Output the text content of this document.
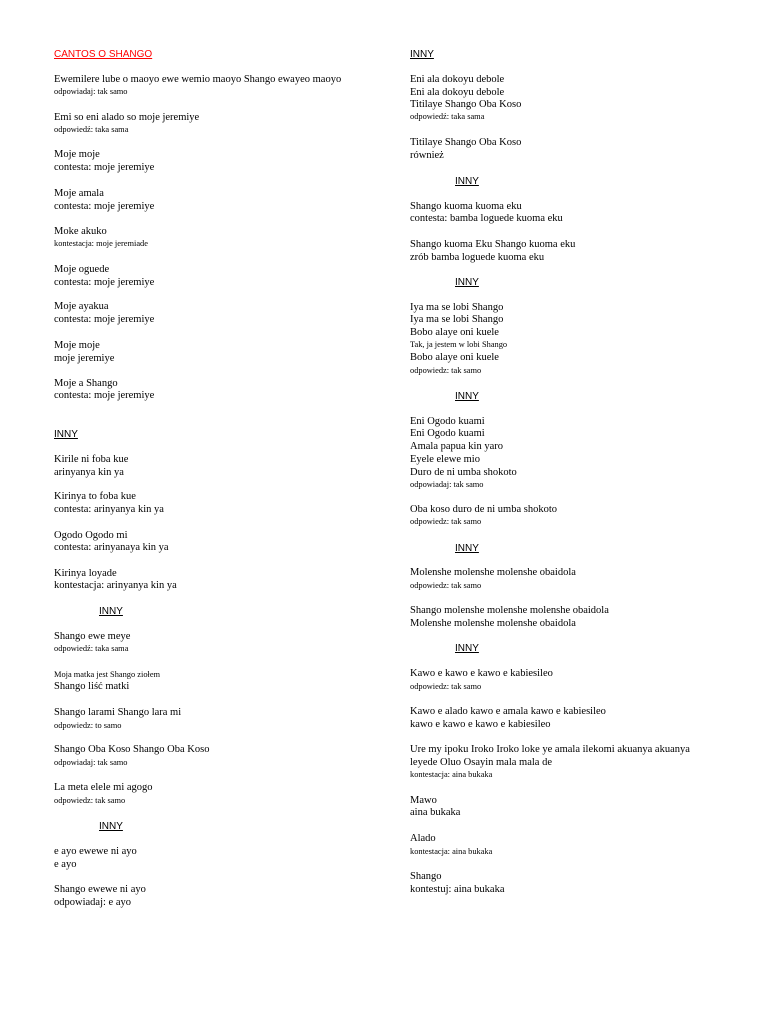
CANTOS O SHANGO
Ewemilere lube o maoyo ewe wemio maoyo Shango ewayeo maoyo
odpowiadaj: tak samo
Emi so eni alado so moje jeremiye
odpowiedź: taka sama
Moje moje
contesta: moje jeremiye
Moje amala
contesta: moje jeremiye
Moke akuko
kontestacja: moje jeremiade
Moje oguede
contesta: moje jeremiye
Moje ayakua
contesta: moje jeremiye
Moje moje
moje jeremiye
Moje a Shango
contesta: moje jeremiye
INNY
Kirile ni foba kue
arinyanya kin ya
Kirinya to foba kue
contesta: arinyanya kin ya
Ogodo Ogodo mi
contesta: arinyanaya kin ya
Kirinya loyade
kontestacja: arinyanya kin ya
INNY
Shango ewe meye
odpowiedź: taka sama
Moja matka jest Shango ziołem
Shango liść matki
Shango larami Shango lara mi
odpowiedz: to samo
Shango Oba Koso Shango Oba Koso
odpowiadaj: tak samo
La meta elele mi agogo
odpowiedz: tak samo
INNY
e ayo ewewe ni ayo
e ayo
Shango ewewe ni ayo
odpowiadaj: e ayo
INNY
Eni ala dokoyu debole
Eni ala dokoyu debole
Titilaye Shango Oba Koso
odpowiedź: taka sama
Titilaye Shango Oba Koso
również
INNY
Shango kuoma kuoma eku
contesta: bamba loguede kuoma eku
Shango kuoma Eku Shango kuoma eku
zrób bamba loguede kuoma eku
INNY
Iya ma se lobi Shango
Iya ma se lobi Shango
Bobo alaye oni kuele
Tak, ja jestem w lobi Shango
Bobo alaye oni kuele
odpowiedz: tak samo
INNY
Eni Ogodo kuami
Eni Ogodo kuami
Amala papua kin yaro
Eyele elewe mio
Duro de ni umba shokoto
odpowiadaj: tak samo
Oba koso duro de ni umba shokoto
odpowiedz: tak samo
INNY
Molenshe molenshe molenshe obaidola
odpowiedz: tak samo
Shango molenshe molenshe molenshe obaidola
Molenshe molenshe molenshe obaidola
INNY
Kawo e kawo e kawo e kabiesileo
odpowiedz: tak samo
Kawo e alado kawo e amala kawo e kabiesileo
kawo e kawo e kawo e kabiesileo
Ure my ipoku Iroko Iroko loke ye amala ilekomi akuanya akuanya
leyede Oluo Osayin mala mala de
kontestacja: aina bukaka
Mawo
aina bukaka
Alado
kontestacja: aina bukaka
Shango
kontestuj: aina bukaka
